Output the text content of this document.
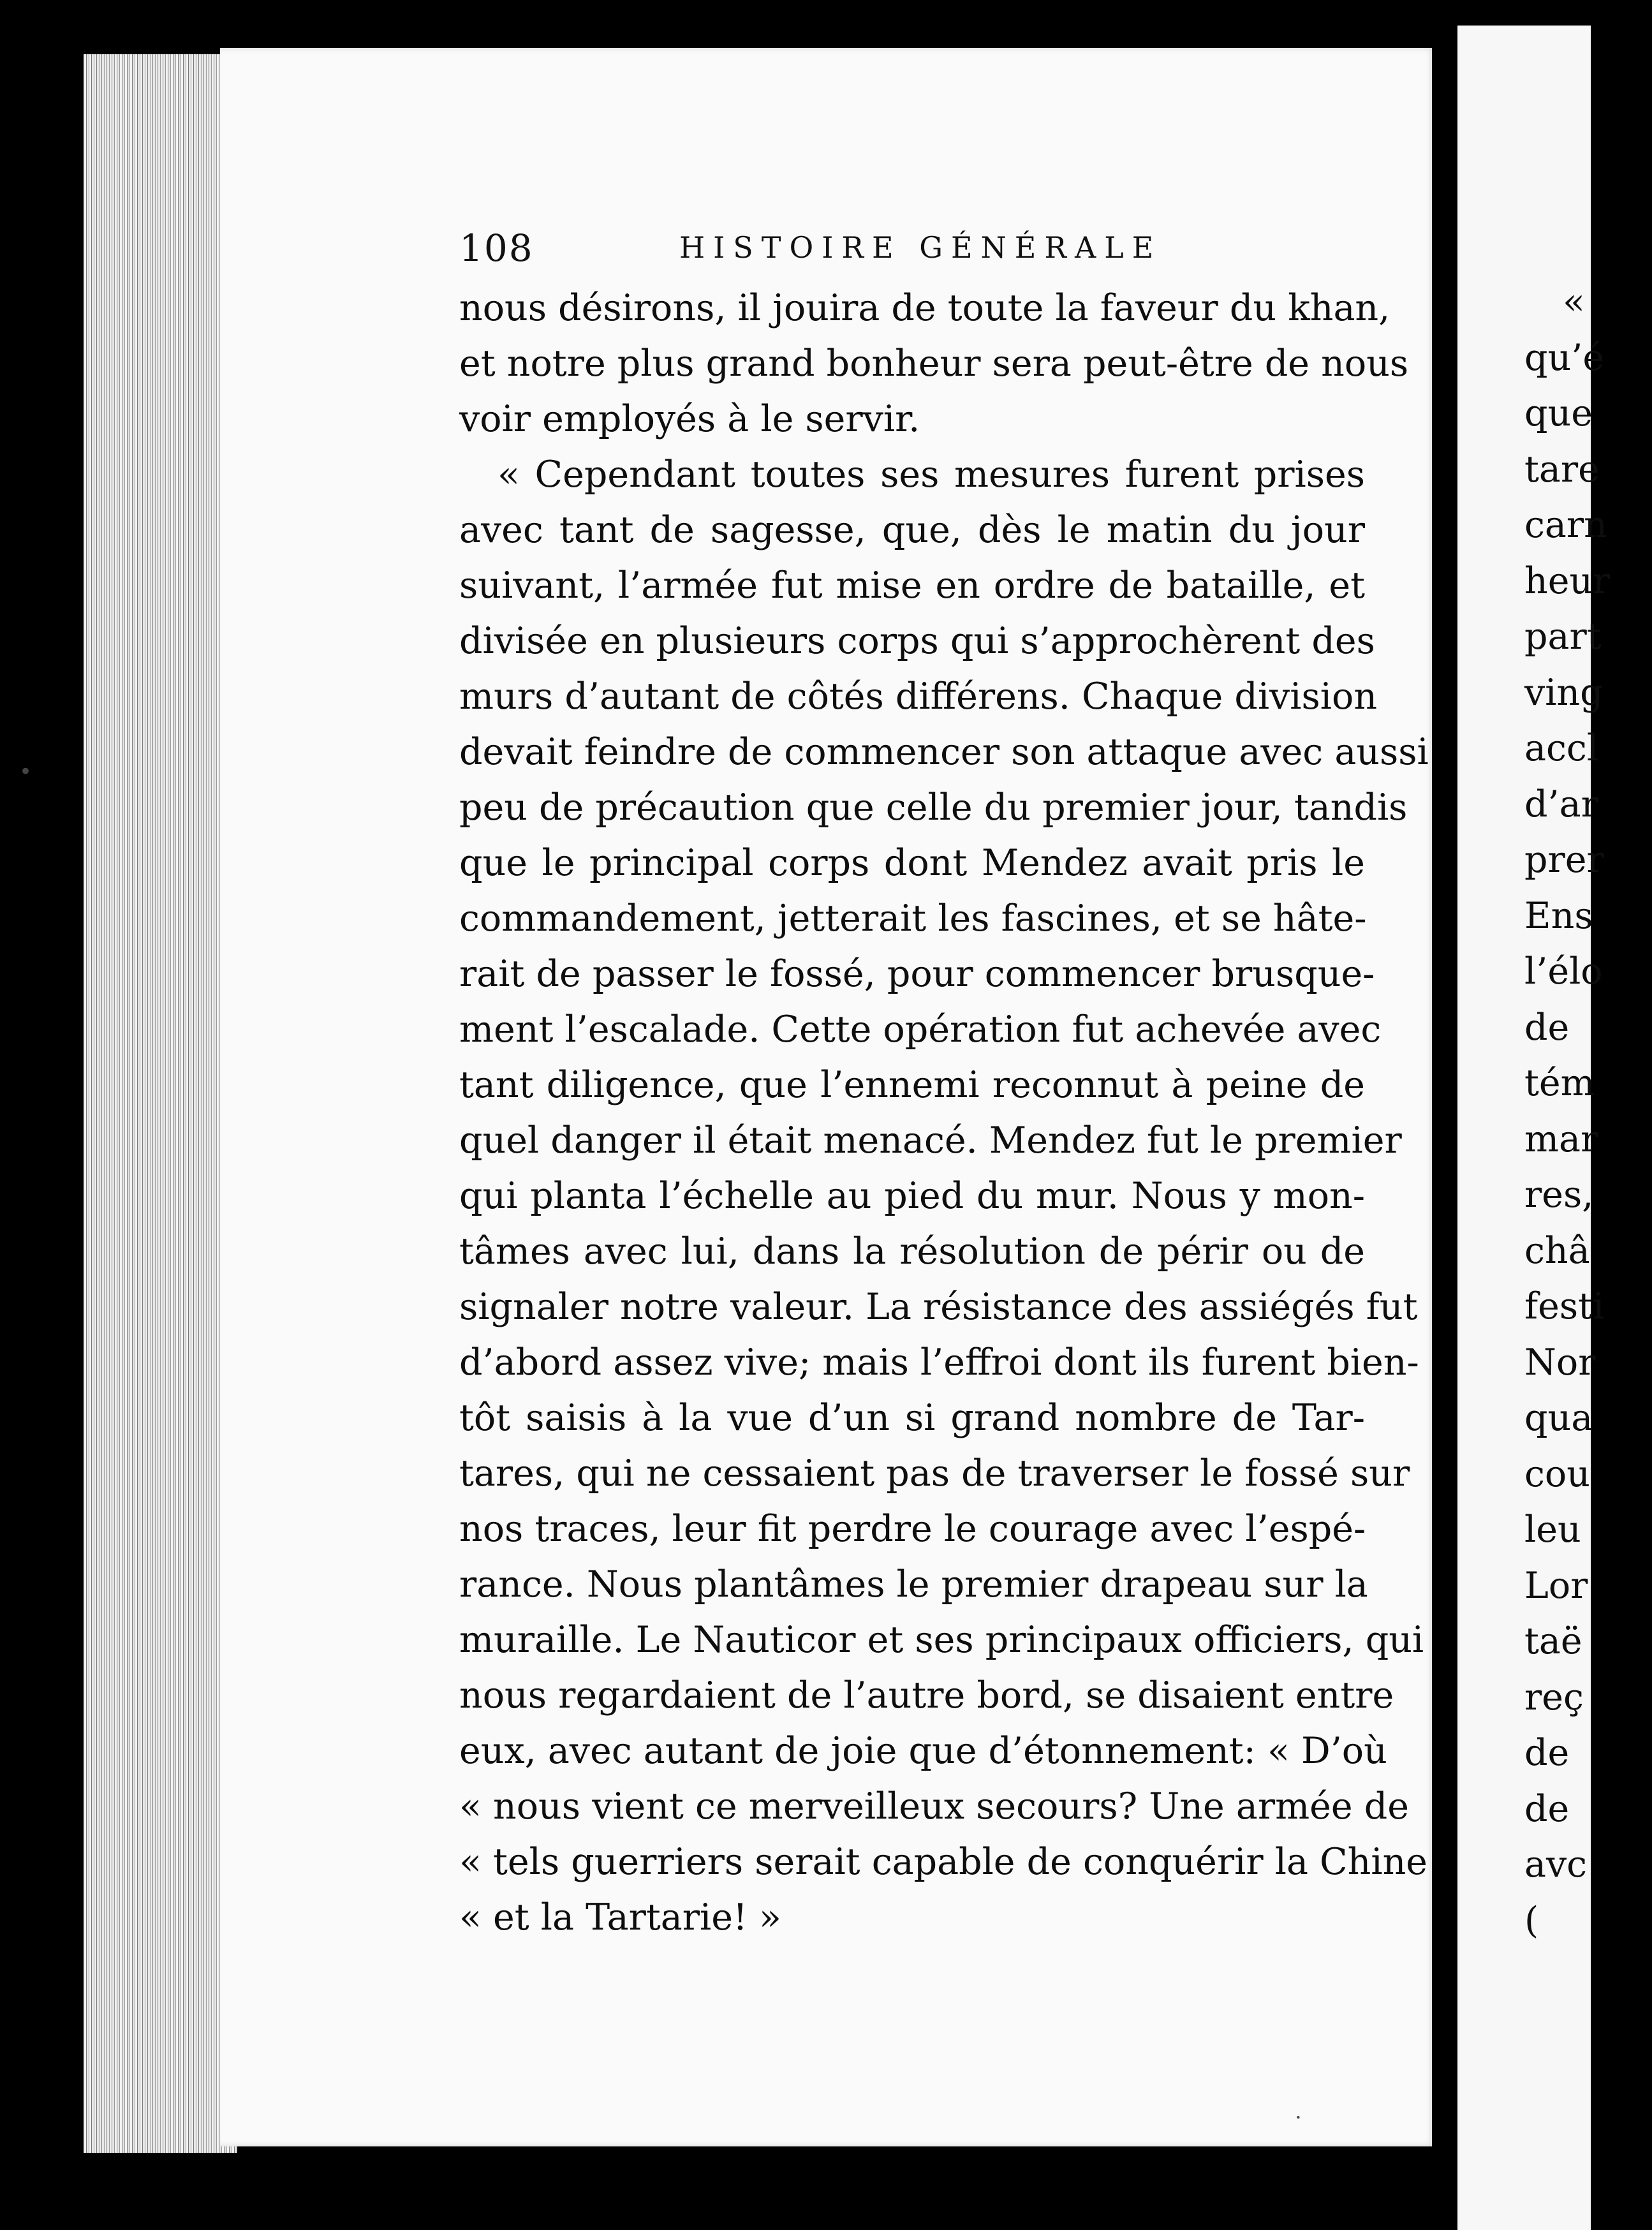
«
qu’é
que
tare
carn
heur
part
ving
accl
d’ar
prer
Ens
l’élo
de
tém
mar
res,
châ
festi
Nor
qua
cou
leu
Lor
taë
reç
de
de
avc
(
108	HISTOIRE GÉNÉRALE
nous désirons, il jouira de toute la faveur du khan,
et notre plus grand bonheur sera peut-être de nous
voir employés à le servir.
« Cependant toutes ses mesures furent prises
avec tant de sagesse, que, dès le matin du jour
suivant, l’armée fut mise en ordre de bataille, et
divisée en plusieurs corps qui s’approchèrent des
murs d’autant de côtés différens. Chaque division
devait feindre de commencer son attaque avec aussi
peu de précaution que celle du premier jour, tandis
que le principal corps dont Mendez avait pris le
commandement, jetterait les fascines, et se hâte-
rait de passer le fossé, pour commencer brusque-
ment l’escalade. Cette opération fut achevée avec
tant diligence, que l’ennemi reconnut à peine de
quel danger il était menacé. Mendez fut le premier
qui planta l’échelle au pied du mur. Nous y mon-
tâmes avec lui, dans la résolution de périr ou de
signaler notre valeur. La résistance des assiégés fut
d’abord assez vive; mais l’effroi dont ils furent bien-
tôt saisis à la vue d’un si grand nombre de Tar-
tares, qui ne cessaient pas de traverser le fossé sur
nos traces, leur fit perdre le courage avec l’espé-
rance. Nous plantâmes le premier drapeau sur la
muraille. Le Nauticor et ses principaux officiers, qui
nous regardaient de l’autre bord, se disaient entre
eux, avec autant de joie que d’étonnement: « D’où
« nous vient ce merveilleux secours? Une armée de
« tels guerriers serait capable de conquérir la Chine
« et la Tartarie! »
·
•
